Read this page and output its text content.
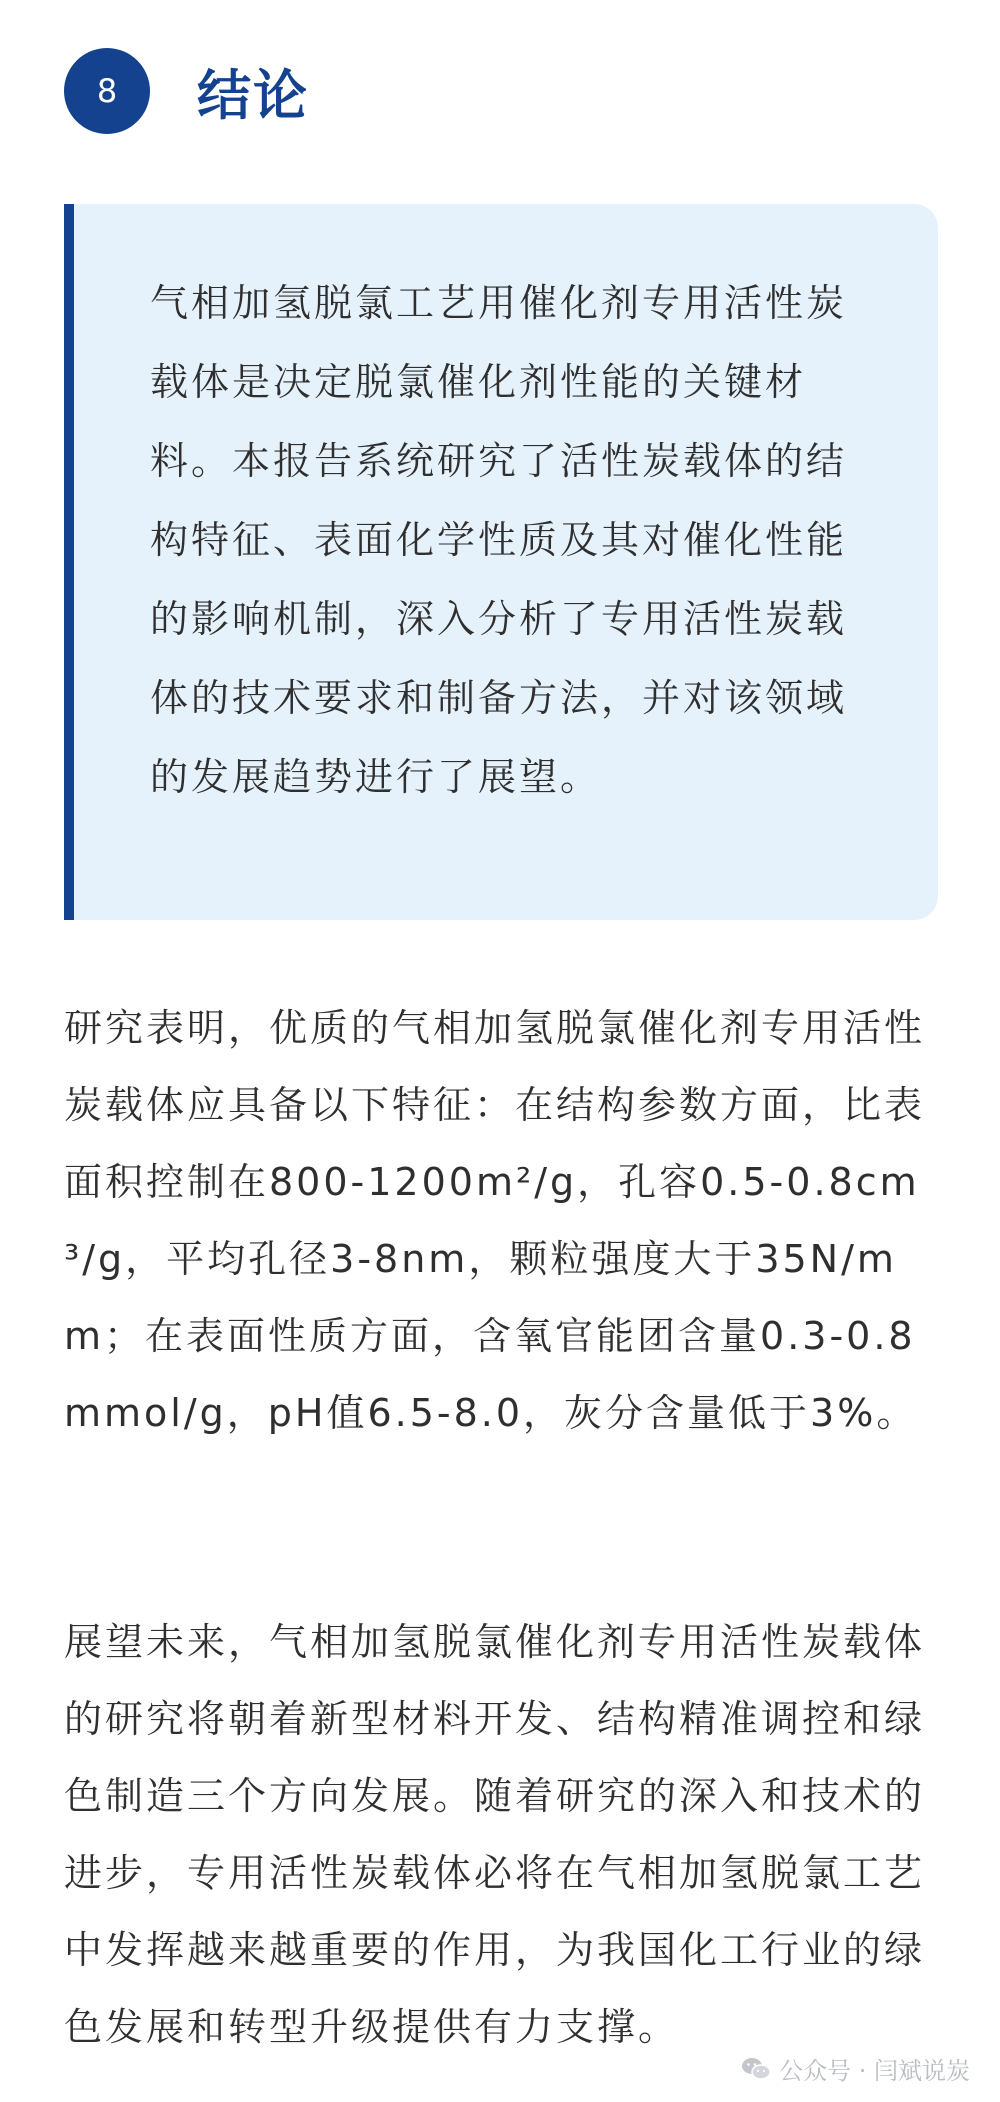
8	结论

气相加氢脱氯工艺用催化剂专用活性炭载体是决定脱氯催化剂性能的关键材料。本报告系统研究了活性炭载体的结构特征、表面化学性质及其对催化性能的影响机制，深入分析了专用活性炭载体的技术要求和制备方法，并对该领域的发展趋势进行了展望。

研究表明，优质的气相加氢脱氯催化剂专用活性炭载体应具备以下特征：在结构参数方面，比表面积控制在800-1200m²/g，孔容0.5-0.8cm³/g，平均孔径3-8nm，颗粒强度大于35N/mm；在表面性质方面，含氧官能团含量0.3-0.8mmol/g，pH值6.5-8.0，灰分含量低于3%。

展望未来，气相加氢脱氯催化剂专用活性炭载体的研究将朝着新型材料开发、结构精准调控和绿色制造三个方向发展。随着研究的深入和技术的进步，专用活性炭载体必将在气相加氢脱氯工艺中发挥越来越重要的作用，为我国化工行业的绿色发展和转型升级提供有力支撑。

公众号 · 闫斌说炭
